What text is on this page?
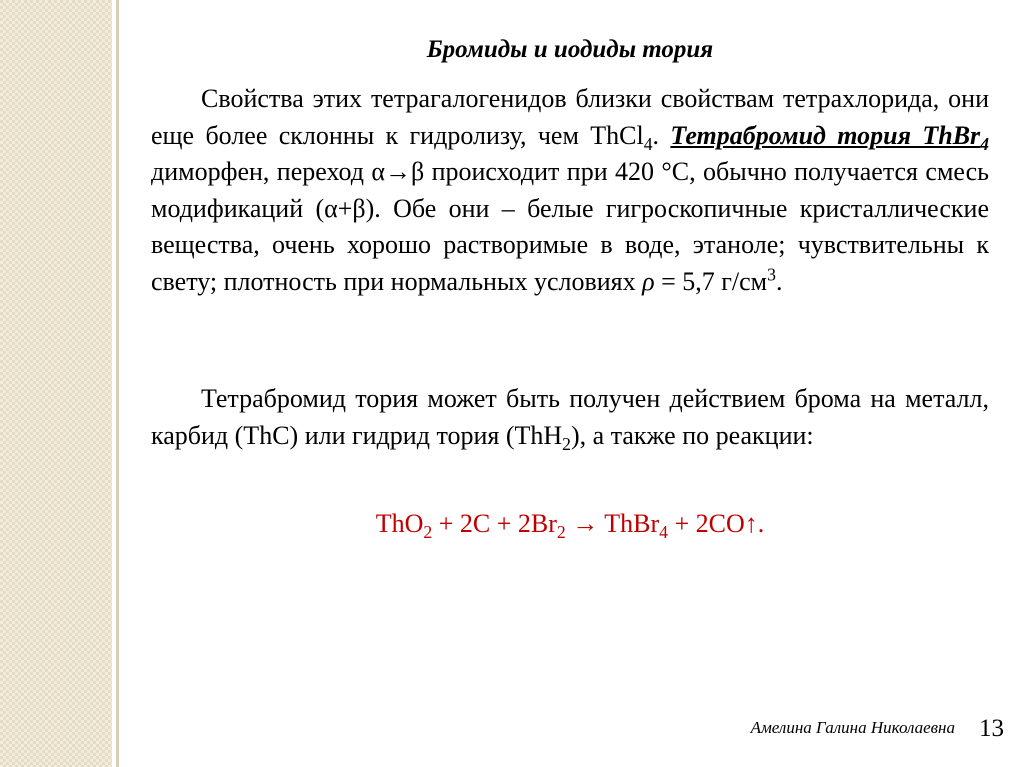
Бромиды и иодиды тория

Свойства этих тетрагалогенидов близки свойствам тетрахлорида, они еще более склонны к гидролизу, чем ThCl$_4$. Тетрабромид тория ThBr$_4$ диморфен, переход α→β происходит при 420 °C, обычно получается смесь модификаций (α+β). Обе они – белые гигроскопичные кристаллические вещества, очень хорошо растворимые в воде, этаноле; чувствительны к свету; плотность при нормальных условиях ρ = 5,7 $г/см^3$.

Тетрабромид тория может быть получен действием брома на металл, карбид (ThC) или гидрид тория (ThH$_2$), а также по реакции:

$ThO_2 + 2C + 2Br_2$ → ThBr$_4$ + 2CO↑.
Амелина Галина Николаевна 13
